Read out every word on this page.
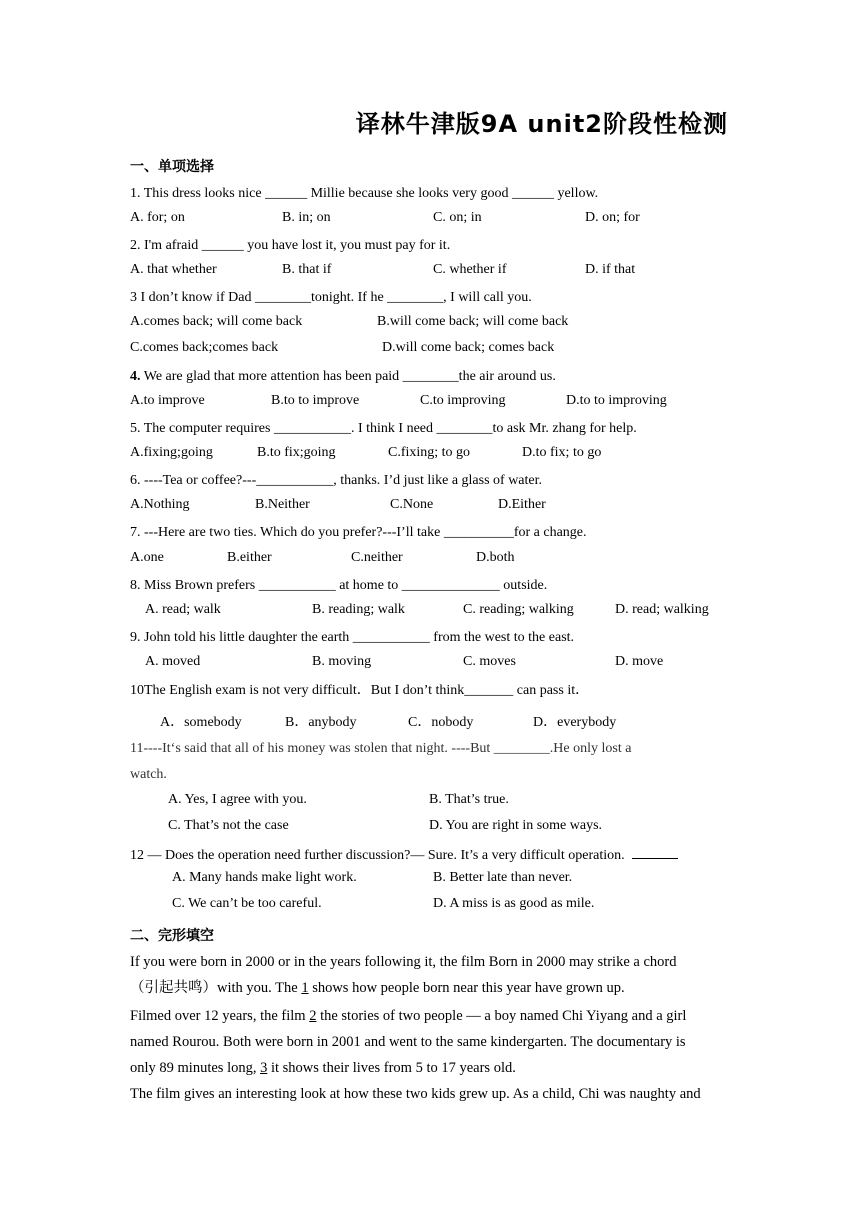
译林牛津版9A unit2阶段性检测
一、单项选择
1. This dress looks nice ______ Millie because she looks very good ______ yellow.
A. for; on	B. in; on	C. on; in	D. on; for
2. I'm afraid ______ you have lost it, you must pay for it.
A. that whether	B. that if	C. whether if	D. if that
3 I don’t know if Dad ________tonight. If he ________, I will call you.
A.comes back; will come back	B.will come back; will come back
C.comes back;comes back	D.will come back; comes back
4. We are glad that more attention has been paid ________the air around us.
A.to improve	B.to to improve	C.to improving	D.to to improving
5. The computer requires ___________. I think I need ________to ask Mr. zhang for help.
A.fixing;going	B.to fix;going	C.fixing; to go	D.to fix; to go
6. ----Tea or coffee?---___________, thanks. I’d just like a glass of water.
A.Nothing	B.Neither	C.None	D.Either
7. ---Here are two ties. Which do you prefer?---I’ll take __________for a change.
A.one	B.either	C.neither	D.both
8. Miss Brown prefers ___________ at home to ______________ outside.
A. read; walk	B. reading; walk	C. reading; walking	D. read; walking
9. John told his little daughter the earth ___________ from the west to the east.
A. moved	B. moving	C. moves	D. move
10The English exam is not very difficult．But I don’t think_______ can pass it．
A．somebody	B．anybody	C．nobody	D．everybody
11----It‘s said that all of his money was stolen that night. ----But ________.He only lost a
watch.
A. Yes, I agree with you.	B. That’s true.
C. That’s not the case	D. You are right in some ways.
12 — Does the operation need further discussion?— Sure. It’s a very difficult operation.
A. Many hands make light work.	B. Better late than never.
C. We can’t be too careful.	D. A miss is as good as mile.
二、完形填空
If you were born in 2000 or in the years following it, the film Born in 2000 may strike a chord
（引起共鸣）with you. The 1 shows how people born near this year have grown up.
Filmed over 12 years, the film 2 the stories of two people — a boy named Chi Yiyang and a girl
named Rourou. Both were born in 2001 and went to the same kindergarten. The documentary is
only 89 minutes long, 3 it shows their lives from 5 to 17 years old.
The film gives an interesting look at how these two kids grew up. As a child, Chi was naughty and
